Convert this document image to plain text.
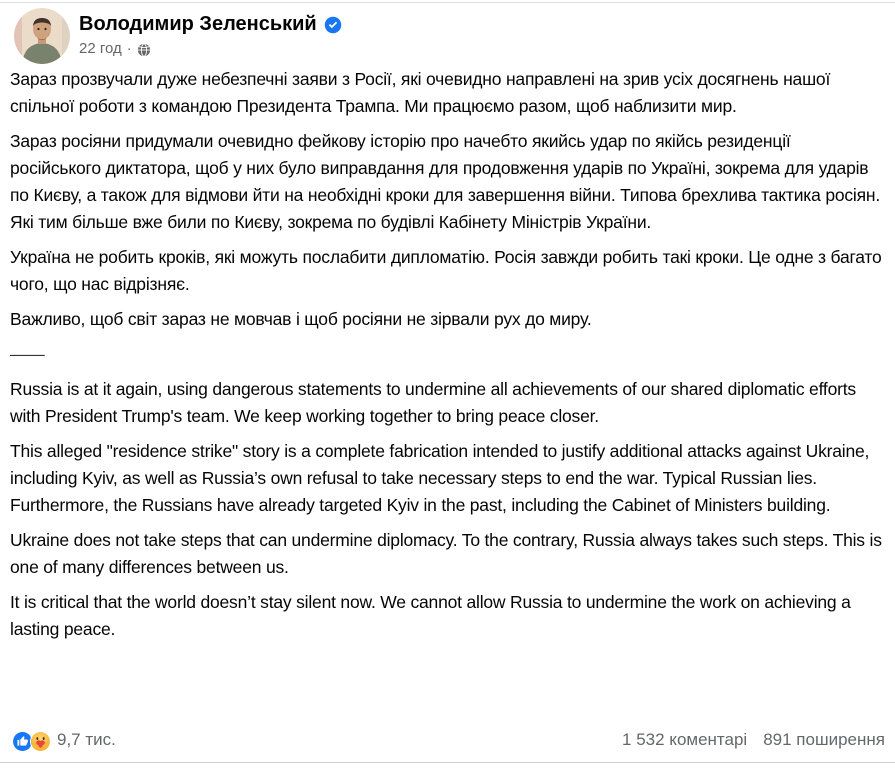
Володимир Зеленський
22 год ·

Зараз прозвучали дуже небезпечні заяви з Росії, які очевидно направлені на зрив усіх досягнень нашої спільної роботи з командою Президента Трампа. Ми працюємо разом, щоб наблизити мир.

Зараз росіяни придумали очевидно фейкову історію про начебто якийсь удар по якійсь резиденції російського диктатора, щоб у них було виправдання для продовження ударів по Україні, зокрема для ударів по Києву, а також для відмови йти на необхідні кроки для завершення війни. Типова брехлива тактика росіян. Які тим більше вже били по Києву, зокрема по будівлі Кабінету Міністрів України.

Україна не робить кроків, які можуть послабити дипломатію. Росія завжди робить такі кроки. Це одне з багато чого, що нас відрізняє.

Важливо, щоб світ зараз не мовчав і щоб росіяни не зірвали рух до миру.

——

Russia is at it again, using dangerous statements to undermine all achievements of our shared diplomatic efforts with President Trump's team. We keep working together to bring peace closer.

This alleged "residence strike" story is a complete fabrication intended to justify additional attacks against Ukraine, including Kyiv, as well as Russia’s own refusal to take necessary steps to end the war. Typical Russian lies. Furthermore, the Russians have already targeted Kyiv in the past, including the Cabinet of Ministers building.

Ukraine does not take steps that can undermine diplomacy. To the contrary, Russia always takes such steps. This is one of many differences between us.

It is critical that the world doesn’t stay silent now. We cannot allow Russia to undermine the work on achieving a lasting peace.

9,7 тис.	1 532 коментарі 891 поширення
